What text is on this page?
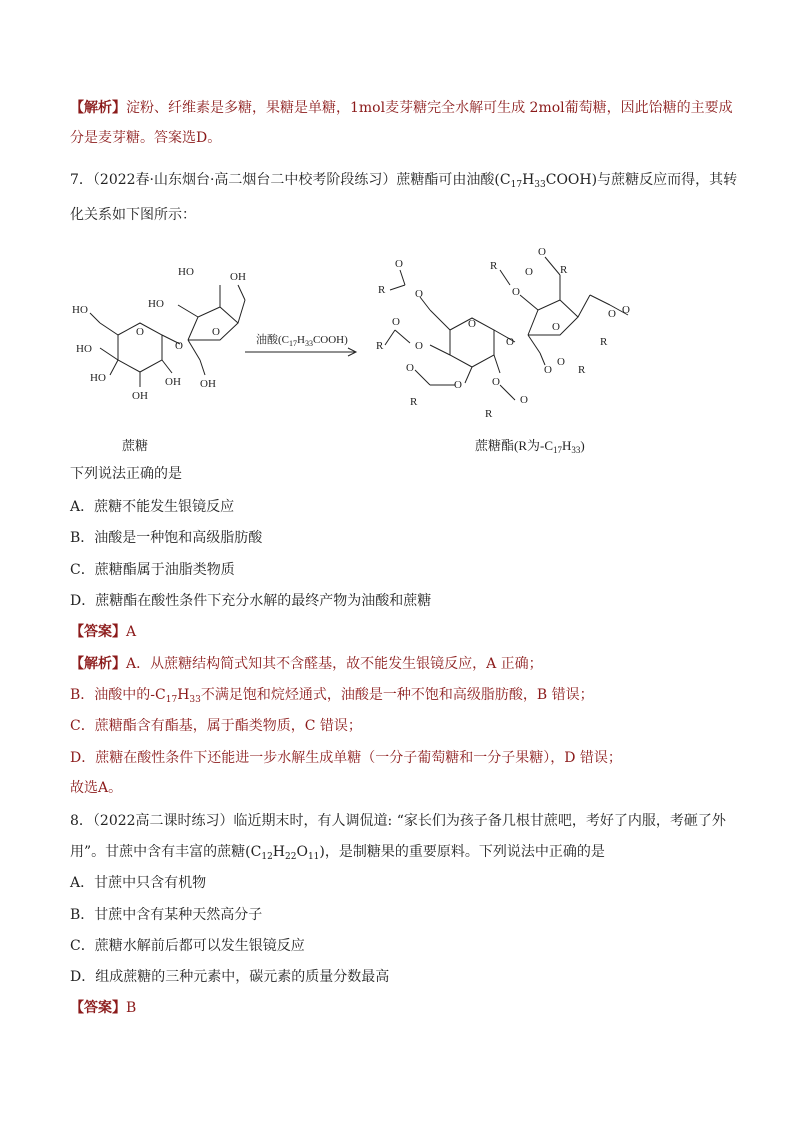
【解析】淀粉、纤维素是多糖，果糖是单糖，1mol麦芽糖完全水解可生成 2mol葡萄糖，因此饴糖的主要成
分是麦芽糖。答案选D。
7．（2022春·山东烟台·高二烟台二中校考阶段练习）蔗糖酯可由油酸$(C_{17}H_{33}COOH)$与蔗糖反应而得，其转
化关系如下图所示：
HO	OH
HO
HO
HO
HO
OH
OH OH
O
O
O
油酸$(C_{17}H_{33}COOH)$
R
O
O
R
O
O
R
O
O	O
O
R
O
O
R
O
O
O
R
O
O O
R
O
O
R
蔗糖	蔗糖酯(R为$-C_{17}H_{33}$)
下列说法正确的是
A．蔗糖不能发生银镜反应
B．油酸是一种饱和高级脂肪酸
C．蔗糖酯属于油脂类物质
D．蔗糖酯在酸性条件下充分水解的最终产物为油酸和蔗糖
【答案】A
【解析】A．从蔗糖结构简式知其不含醛基，故不能发生银镜反应，A 正确；
B．油酸中的$-C_{17}H_{33}$不满足饱和烷烃通式，油酸是一种不饱和高级脂肪酸，B 错误；
C．蔗糖酯含有酯基，属于酯类物质，C 错误；
D．蔗糖在酸性条件下还能进一步水解生成单糖（一分子葡萄糖和一分子果糖），D 错误；
故选A。
8．（2022高二课时练习）临近期末时，有人调侃道: “家长们为孩子备几根甘蔗吧，考好了内服，考砸了外
用”。甘蔗中含有丰富的蔗糖$(C_{12}H_{22}O_{11})$，是制糖果的重要原料。下列说法中正确的是
A．甘蔗中只含有机物
B．甘蔗中含有某种天然高分子
C．蔗糖水解前后都可以发生银镜反应
D．组成蔗糖的三种元素中，碳元素的质量分数最高
【答案】B
